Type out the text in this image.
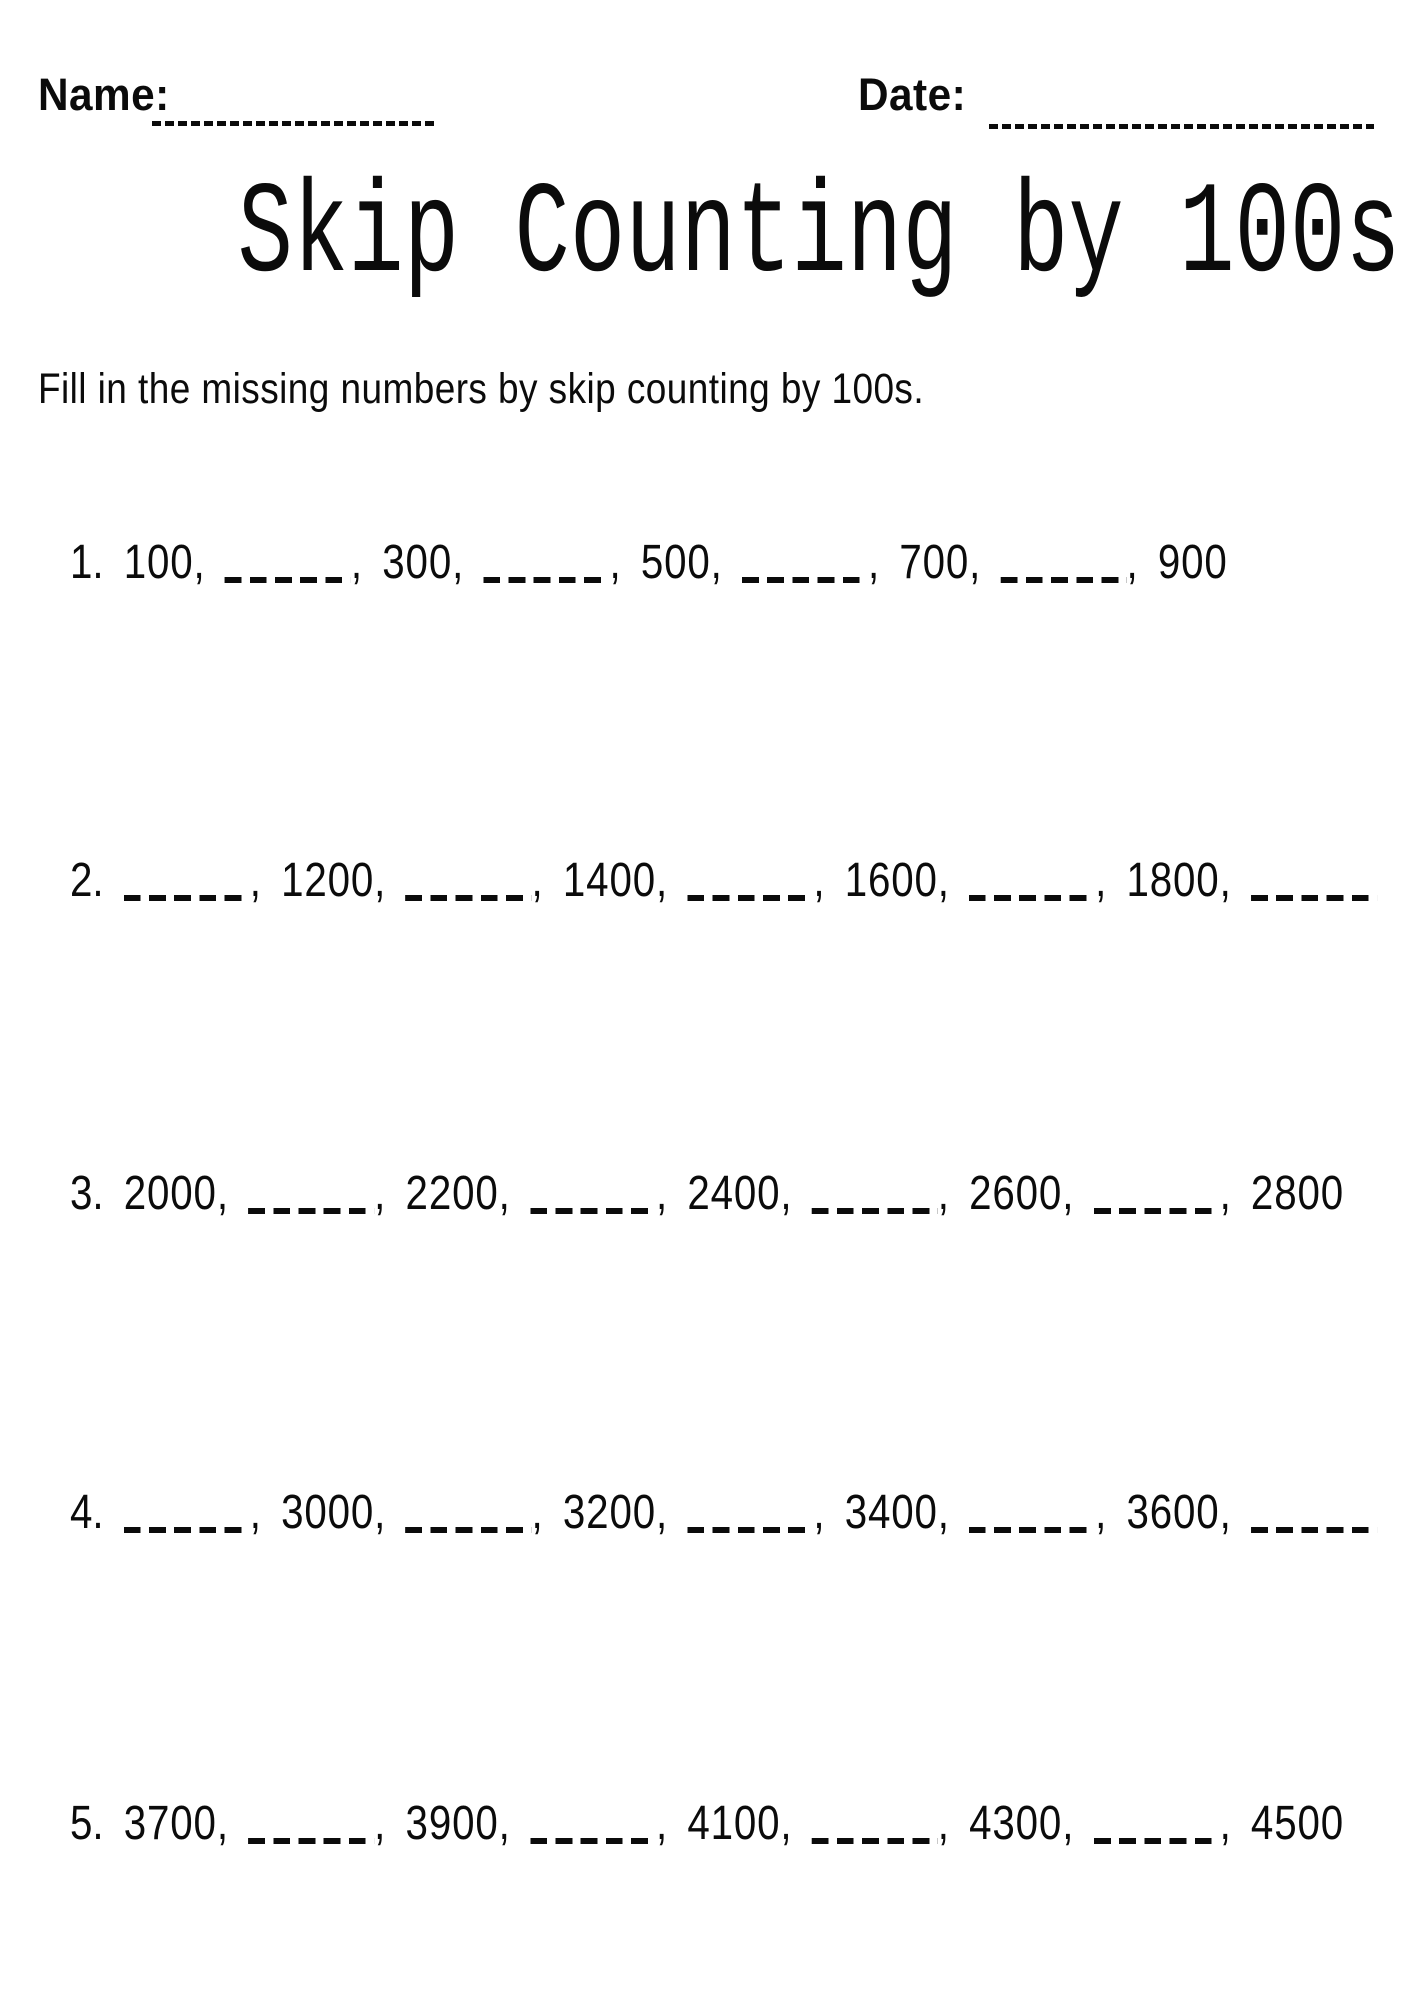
Name:	Date:
Skip Counting by 100s

Fill in the missing numbers by skip counting by 100s.

1. 100,	, 300,	, 500,	, 700,	, 900
2.	, 1200,	, 1400,	, 1600,	, 1800,
3. 2000,	, 2200,	, 2400,	, 2600,	, 2800
4.	, 3000,	, 3200,	, 3400,	, 3600,
5. 3700,	, 3900,	, 4100,	, 4300,	, 4500
